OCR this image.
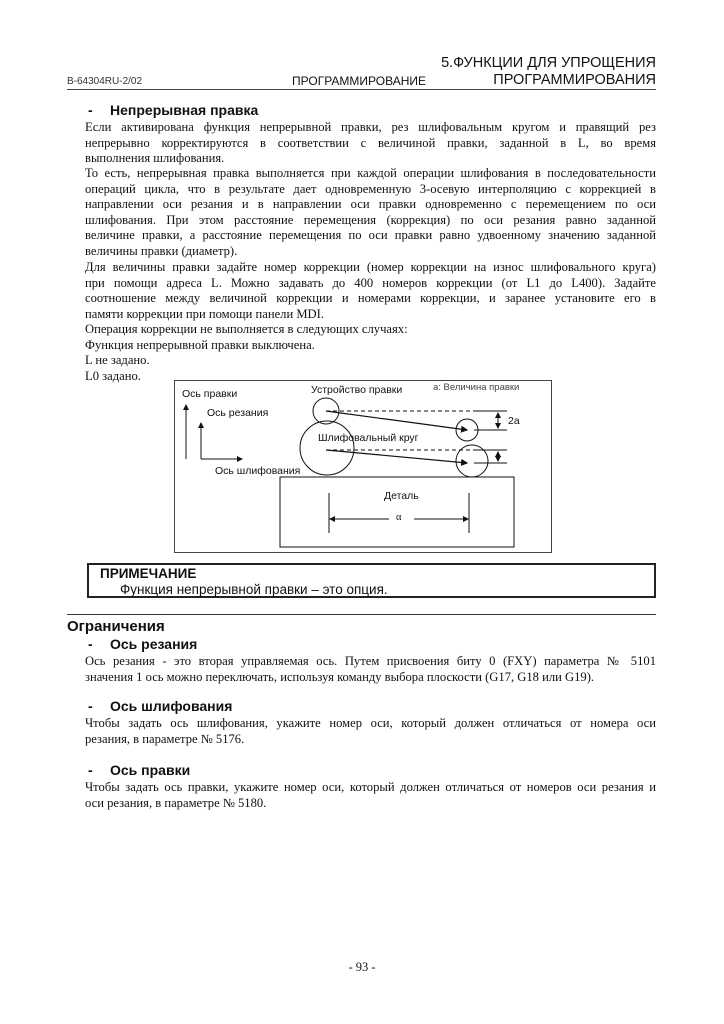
B-64304RU-2/02	ПРОГРАММИРОВАНИЕ
5.ФУНКЦИИ ДЛЯ УПРОЩЕНИЯ
ПРОГРАММИРОВАНИЯ
- Непрерывная правка
Если активирована функция непрерывной правки, рез шлифовальным кругом и правящий рез
непрерывно корректируются в соответствии с величиной правки, заданной в L, во время
выполнения шлифования.
То есть, непрерывная правка выполняется при каждой операции шлифования в последовательности
операций цикла, что в результате дает одновременную 3-осевую интерполяцию с коррекцией в
направлении оси резания и в направлении оси правки одновременно с перемещением по оси
шлифования. При этом расстояние перемещения (коррекция) по оси резания равно заданной
величине правки, а расстояние перемещения по оси правки равно удвоенному значению заданной
величины правки (диаметр).
Для величины правки задайте номер коррекции (номер коррекции на износ шлифовального круга)
при помощи адреса L. Можно задавать до 400 номеров коррекции (от L1 до L400). Задайте
соотношение между величиной коррекции и номерами коррекции, и заранее установите его в
памяти коррекции при помощи панели MDI.
Операция коррекции не выполняется в следующих случаях:
Функция непрерывной правки выключена.
L не задано.
L0 задано.
Ось правки
Ось резания
Ось шлифования
Устройство правки	a: Величина правки
Шлифовальный круг
2a
Деталь
α
ПРИМЕЧАНИЕ
Функция непрерывной правки – это опция.
Ограничения
- Ось резания
Ось резания - это вторая управляемая ось. Путем присвоения биту 0 (FXY) параметра № 5101
значения 1 ось можно переключать, используя команду выбора плоскости (G17, G18 или G19).
- Ось шлифования
Чтобы задать ось шлифования, укажите номер оси, который должен отличаться от номера оси
резания, в параметре № 5176.
- Ось правки
Чтобы задать ось правки, укажите номер оси, который должен отличаться от номеров оси резания и
оси резания, в параметре № 5180.
- 93 -
